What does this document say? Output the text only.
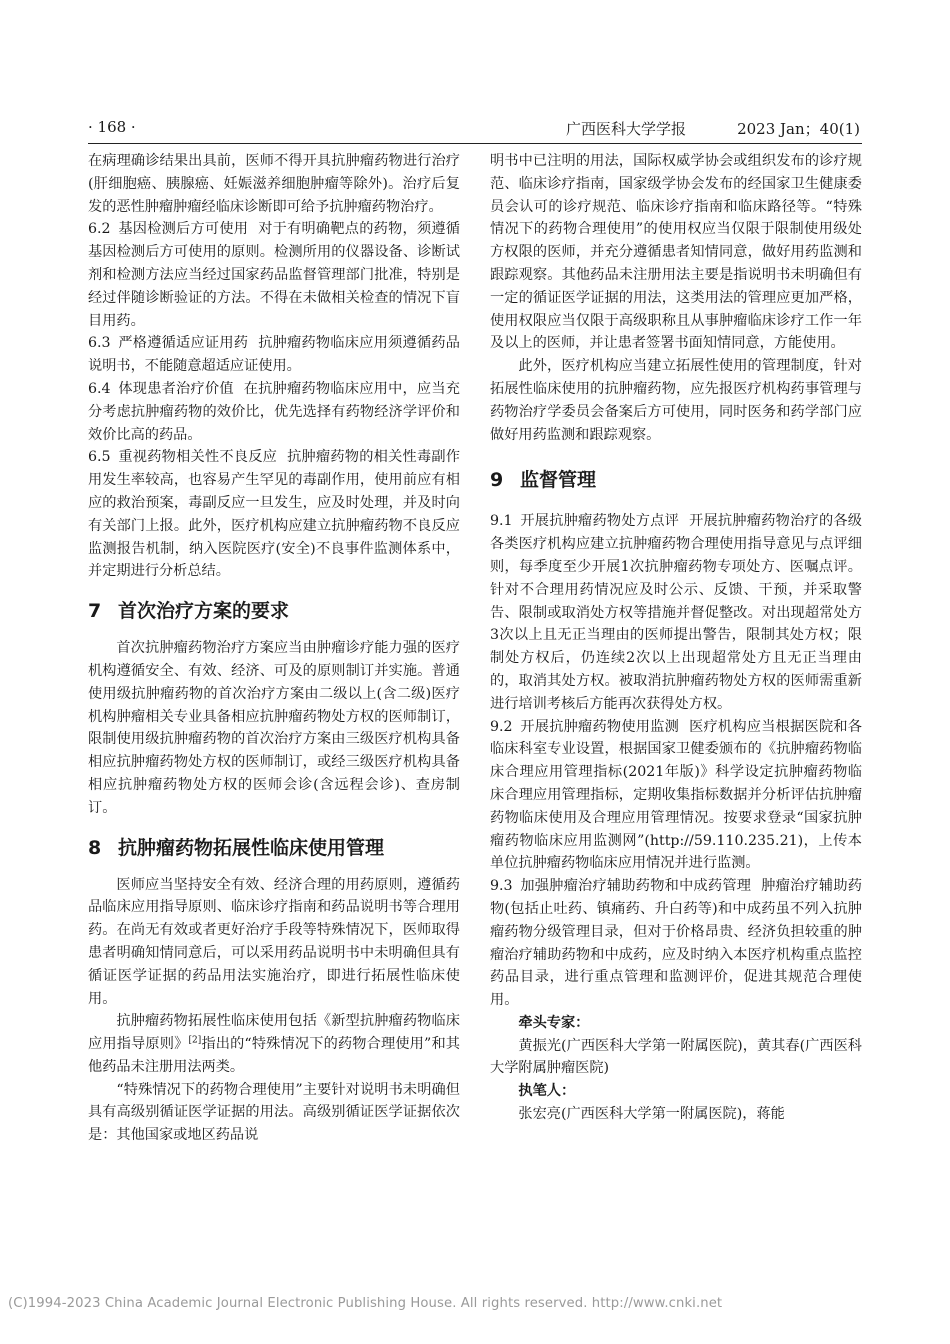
· 168 ·	广西医科大学学报	2023 Jan；40(1)

在病理确诊结果出具前，医师不得开具抗肿瘤药物进行治疗(肝细胞癌、胰腺癌、妊娠滋养细胞肿瘤等除外)。治疗后复发的恶性肿瘤肿瘤经临床诊断即可给予抗肿瘤药物治疗。

6.2 基因检测后方可使用 对于有明确靶点的药物，须遵循基因检测后方可使用的原则。检测所用的仪器设备、诊断试剂和检测方法应当经过国家药品监督管理部门批准，特别是经过伴随诊断验证的方法。不得在未做相关检查的情况下盲目用药。

6.3 严格遵循适应证用药 抗肿瘤药物临床应用须遵循药品说明书，不能随意超适应证使用。

6.4 体现患者治疗价值 在抗肿瘤药物临床应用中，应当充分考虑抗肿瘤药物的效价比，优先选择有药物经济学评价和效价比高的药品。

6.5 重视药物相关性不良反应 抗肿瘤药物的相关性毒副作用发生率较高，也容易产生罕见的毒副作用，使用前应有相应的救治预案，毒副反应一旦发生，应及时处理，并及时向有关部门上报。此外，医疗机构应建立抗肿瘤药物不良反应监测报告机制，纳入医院医疗(安全)不良事件监测体系中，并定期进行分析总结。

7 首次治疗方案的要求

首次抗肿瘤药物治疗方案应当由肿瘤诊疗能力强的医疗机构遵循安全、有效、经济、可及的原则制订并实施。普通使用级抗肿瘤药物的首次治疗方案由二级以上(含二级)医疗机构肿瘤相关专业具备相应抗肿瘤药物处方权的医师制订，限制使用级抗肿瘤药物的首次治疗方案由三级医疗机构具备相应抗肿瘤药物处方权的医师制订，或经三级医疗机构具备相应抗肿瘤药物处方权的医师会诊(含远程会诊)、查房制订。

8 抗肿瘤药物拓展性临床使用管理

医师应当坚持安全有效、经济合理的用药原则，遵循药品临床应用指导原则、临床诊疗指南和药品说明书等合理用药。在尚无有效或者更好治疗手段等特殊情况下，医师取得患者明确知情同意后，可以采用药品说明书中未明确但具有循证医学证据的药品用法实施治疗，即进行拓展性临床使用。

抗肿瘤药物拓展性临床使用包括《新型抗肿瘤药物临床应用指导原则》[2]指出的“特殊情况下的药物合理使用”和其他药品未注册用法两类。

“特殊情况下的药物合理使用”主要针对说明书未明确但具有高级别循证医学证据的用法。高级别循证医学证据依次是：其他国家或地区药品说

明书中已注明的用法，国际权威学协会或组织发布的诊疗规范、临床诊疗指南，国家级学协会发布的经国家卫生健康委员会认可的诊疗规范、临床诊疗指南和临床路径等。“特殊情况下的药物合理使用”的使用权应当仅限于限制使用级处方权限的医师，并充分遵循患者知情同意，做好用药监测和跟踪观察。其他药品未注册用法主要是指说明书未明确但有一定的循证医学证据的用法，这类用法的管理应更加严格，使用权限应当仅限于高级职称且从事肿瘤临床诊疗工作一年及以上的医师，并让患者签署书面知情同意，方能使用。

此外，医疗机构应当建立拓展性使用的管理制度，针对拓展性临床使用的抗肿瘤药物，应先报医疗机构药事管理与药物治疗学委员会备案后方可使用，同时医务和药学部门应做好用药监测和跟踪观察。

9 监督管理

9.1 开展抗肿瘤药物处方点评 开展抗肿瘤药物治疗的各级各类医疗机构应建立抗肿瘤药物合理使用指导意见与点评细则，每季度至少开展1次抗肿瘤药物专项处方、医嘱点评。针对不合理用药情况应及时公示、反馈、干预，并采取警告、限制或取消处方权等措施并督促整改。对出现超常处方3次以上且无正当理由的医师提出警告，限制其处方权；限制处方权后，仍连续2次以上出现超常处方且无正当理由的，取消其处方权。被取消抗肿瘤药物处方权的医师需重新进行培训考核后方能再次获得处方权。

9.2 开展抗肿瘤药物使用监测 医疗机构应当根据医院和各临床科室专业设置，根据国家卫健委颁布的《抗肿瘤药物临床合理应用管理指标(2021年版)》科学设定抗肿瘤药物临床合理应用管理指标，定期收集指标数据并分析评估抗肿瘤药物临床使用及合理应用管理情况。按要求登录“国家抗肿瘤药物临床应用监测网”(http://59.110.235.21)，上传本单位抗肿瘤药物临床应用情况并进行监测。

9.3 加强肿瘤治疗辅助药物和中成药管理 肿瘤治疗辅助药物(包括止吐药、镇痛药、升白药等)和中成药虽不列入抗肿瘤药物分级管理目录，但对于价格昂贵、经济负担较重的肿瘤治疗辅助药物和中成药，应及时纳入本医疗机构重点监控药品目录，进行重点管理和监测评价，促进其规范合理使用。

牵头专家：

黄振光(广西医科大学第一附属医院)，黄其春(广西医科大学附属肿瘤医院)

执笔人：

张宏亮(广西医科大学第一附属医院)，蒋能

(C)1994-2023 China Academic Journal Electronic Publishing House. All rights reserved. http://www.cnki.net
